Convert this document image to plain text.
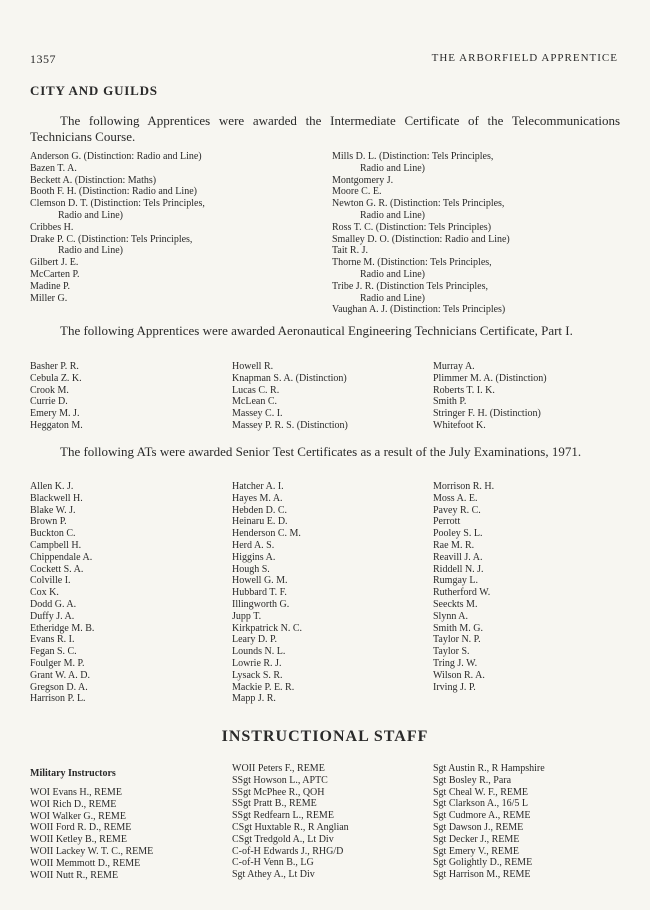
1357	THE ARBORFIELD APPRENTICE
CITY AND GUILDS
The following Apprentices were awarded the Intermediate Certificate of the Telecommunications Technicians Course.
Anderson G. (Distinction: Radio and Line)
Bazen T. A.
Beckett A. (Distinction: Maths)
Booth F. H. (Distinction: Radio and Line)
Clemson D. T. (Distinction: Tels Principles,
Radio and Line)
Cribbes H.
Drake P. C. (Distinction: Tels Principles,
Radio and Line)
Gilbert J. E.
McCarten P.
Madine P.
Miller G.
Mills D. L. (Distinction: Tels Principles,
Radio and Line)
Montgomery J.
Moore C. E.
Newton G. R. (Distinction: Tels Principles,
Radio and Line)
Ross T. C. (Distinction: Tels Principles)
Smalley D. O. (Distinction: Radio and Line)
Tait R. J.
Thorne M. (Distinction: Tels Principles,
Radio and Line)
Tribe J. R. (Distinction Tels Principles,
Radio and Line)
Vaughan A. J. (Distinction: Tels Principles)
The following Apprentices were awarded Aeronautical Engineering Technicians Certificate, Part I.
Basher P. R.
Cebula Z. K.
Crook M.
Currie D.
Emery M. J.
Heggaton M.
Howell R.
Knapman S. A. (Distinction)
Lucas C. R.
McLean C.
Massey C. I.
Massey P. R. S. (Distinction)
Murray A.
Plimmer M. A. (Distinction)
Roberts T. I. K.
Smith P.
Stringer F. H. (Distinction)
Whitefoot K.
The following ATs were awarded Senior Test Certificates as a result of the July Examinations, 1971.
Allen K. J.
Blackwell H.
Blake W. J.
Brown P.
Buckton C.
Campbell H.
Chippendale A.
Cockett S. A.
Colville I.
Cox K.
Dodd G. A.
Duffy J. A.
Etheridge M. B.
Evans R. I.
Fegan S. C.
Foulger M. P.
Grant W. A. D.
Gregson D. A.
Harrison P. L.
Hatcher A. I.
Hayes M. A.
Hebden D. C.
Heinaru E. D.
Henderson C. M.
Herd A. S.
Higgins A.
Hough S.
Howell G. M.
Hubbard T. F.
Illingworth G.
Jupp T.
Kirkpatrick N. C.
Leary D. P.
Lounds N. L.
Lowrie R. J.
Lysack S. R.
Mackie P. E. R.
Mapp J. R.
Morrison R. H.
Moss A. E.
Pavey R. C.
Perrott
Pooley S. L.
Rae M. R.
Reavill J. A.
Riddell N. J.
Rumgay L.
Rutherford W.
Seeckts M.
Slynn A.
Smith M. G.
Taylor N. P.
Taylor S.
Tring J. W.
Wilson R. A.
Irving J. P.
INSTRUCTIONAL STAFF
Military Instructors
WOI Evans H., REME
WOI Rich D., REME
WOI Walker G., REME
WOII Ford R. D., REME
WOII Ketley B., REME
WOII Lackey W. T. C., REME
WOII Memmott D., REME
WOII Nutt R., REME
WOII Peters F., REME
SSgt Howson L., APTC
SSgt McPhee R., QOH
SSgt Pratt B., REME
SSgt Redfearn L., REME
CSgt Huxtable R., R Anglian
CSgt Tredgold A., Lt Div
C-of-H Edwards J., RHG/D
C-of-H Venn B., LG
Sgt Athey A., Lt Div
Sgt Austin R., R Hampshire
Sgt Bosley R., Para
Sgt Cheal W. F., REME
Sgt Clarkson A., 16/5 L
Sgt Cudmore A., REME
Sgt Dawson J., REME
Sgt Decker J., REME
Sgt Emery V., REME
Sgt Golightly D., REME
Sgt Harrison M., REME
